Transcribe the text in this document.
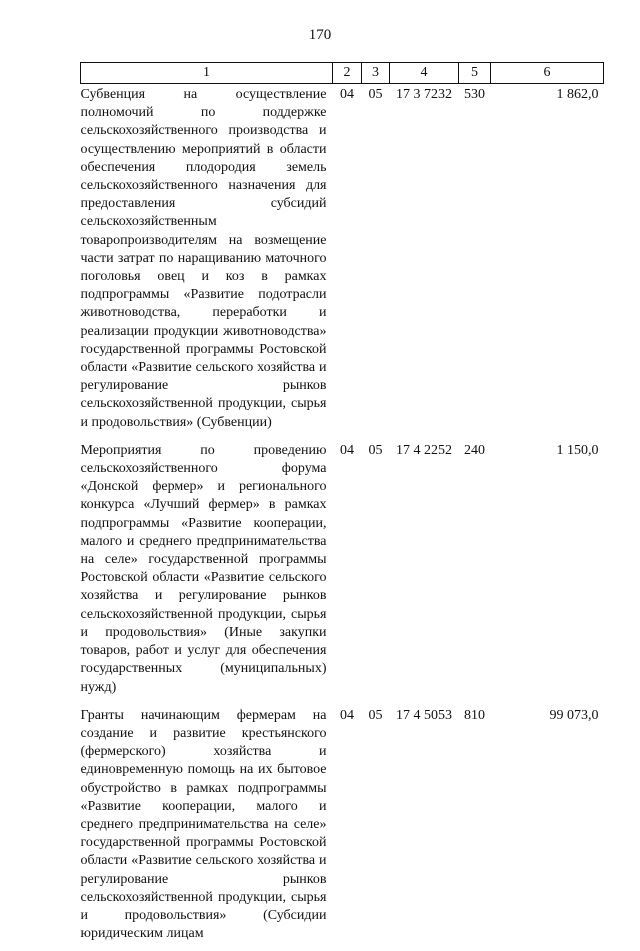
170
1	2	3	4	5	6
Субвенция на осуществление полномочий по поддержке сельскохозяйственного производства и осуществлению мероприятий в области обеспечения плодородия земель сельскохозяйственного назначения для предоставления субсидий сельскохозяйственным товаропроизводителям на возмещение части затрат по наращиванию маточного поголовья овец и коз в рамках подпрограммы «Развитие подотрасли животноводства, переработки и реализации продукции животноводства» государственной программы Ростовской области «Развитие сельского хозяйства и регулирование рынков сельскохозяйственной продукции, сырья и продовольствия» (Субвенции)	04	05	17 3 7232	530	1 862,0
Мероприятия по проведению сельскохозяйственного форума «Донской фермер» и регионального конкурса «Лучший фермер» в рамках подпрограммы «Развитие кооперации, малого и среднего предпринимательства на селе» государственной программы Ростовской области «Развитие сельского хозяйства и регулирование рынков сельскохозяйственной продукции, сырья и продовольствия» (Иные закупки товаров, работ и услуг для обеспечения государственных (муниципальных) нужд)	04	05	17 4 2252	240	1 150,0
Гранты начинающим фермерам на создание и развитие крестьянского (фермерского) хозяйства и единовременную помощь на их бытовое обустройство в рамках подпрограммы «Развитие кооперации, малого и среднего предпринимательства на селе» государственной программы Ростовской области «Развитие сельского хозяйства и регулирование рынков сельскохозяйственной продукции, сырья и продовольствия» (Субсидии юридическим лицам	04	05	17 4 5053	810	99 073,0
